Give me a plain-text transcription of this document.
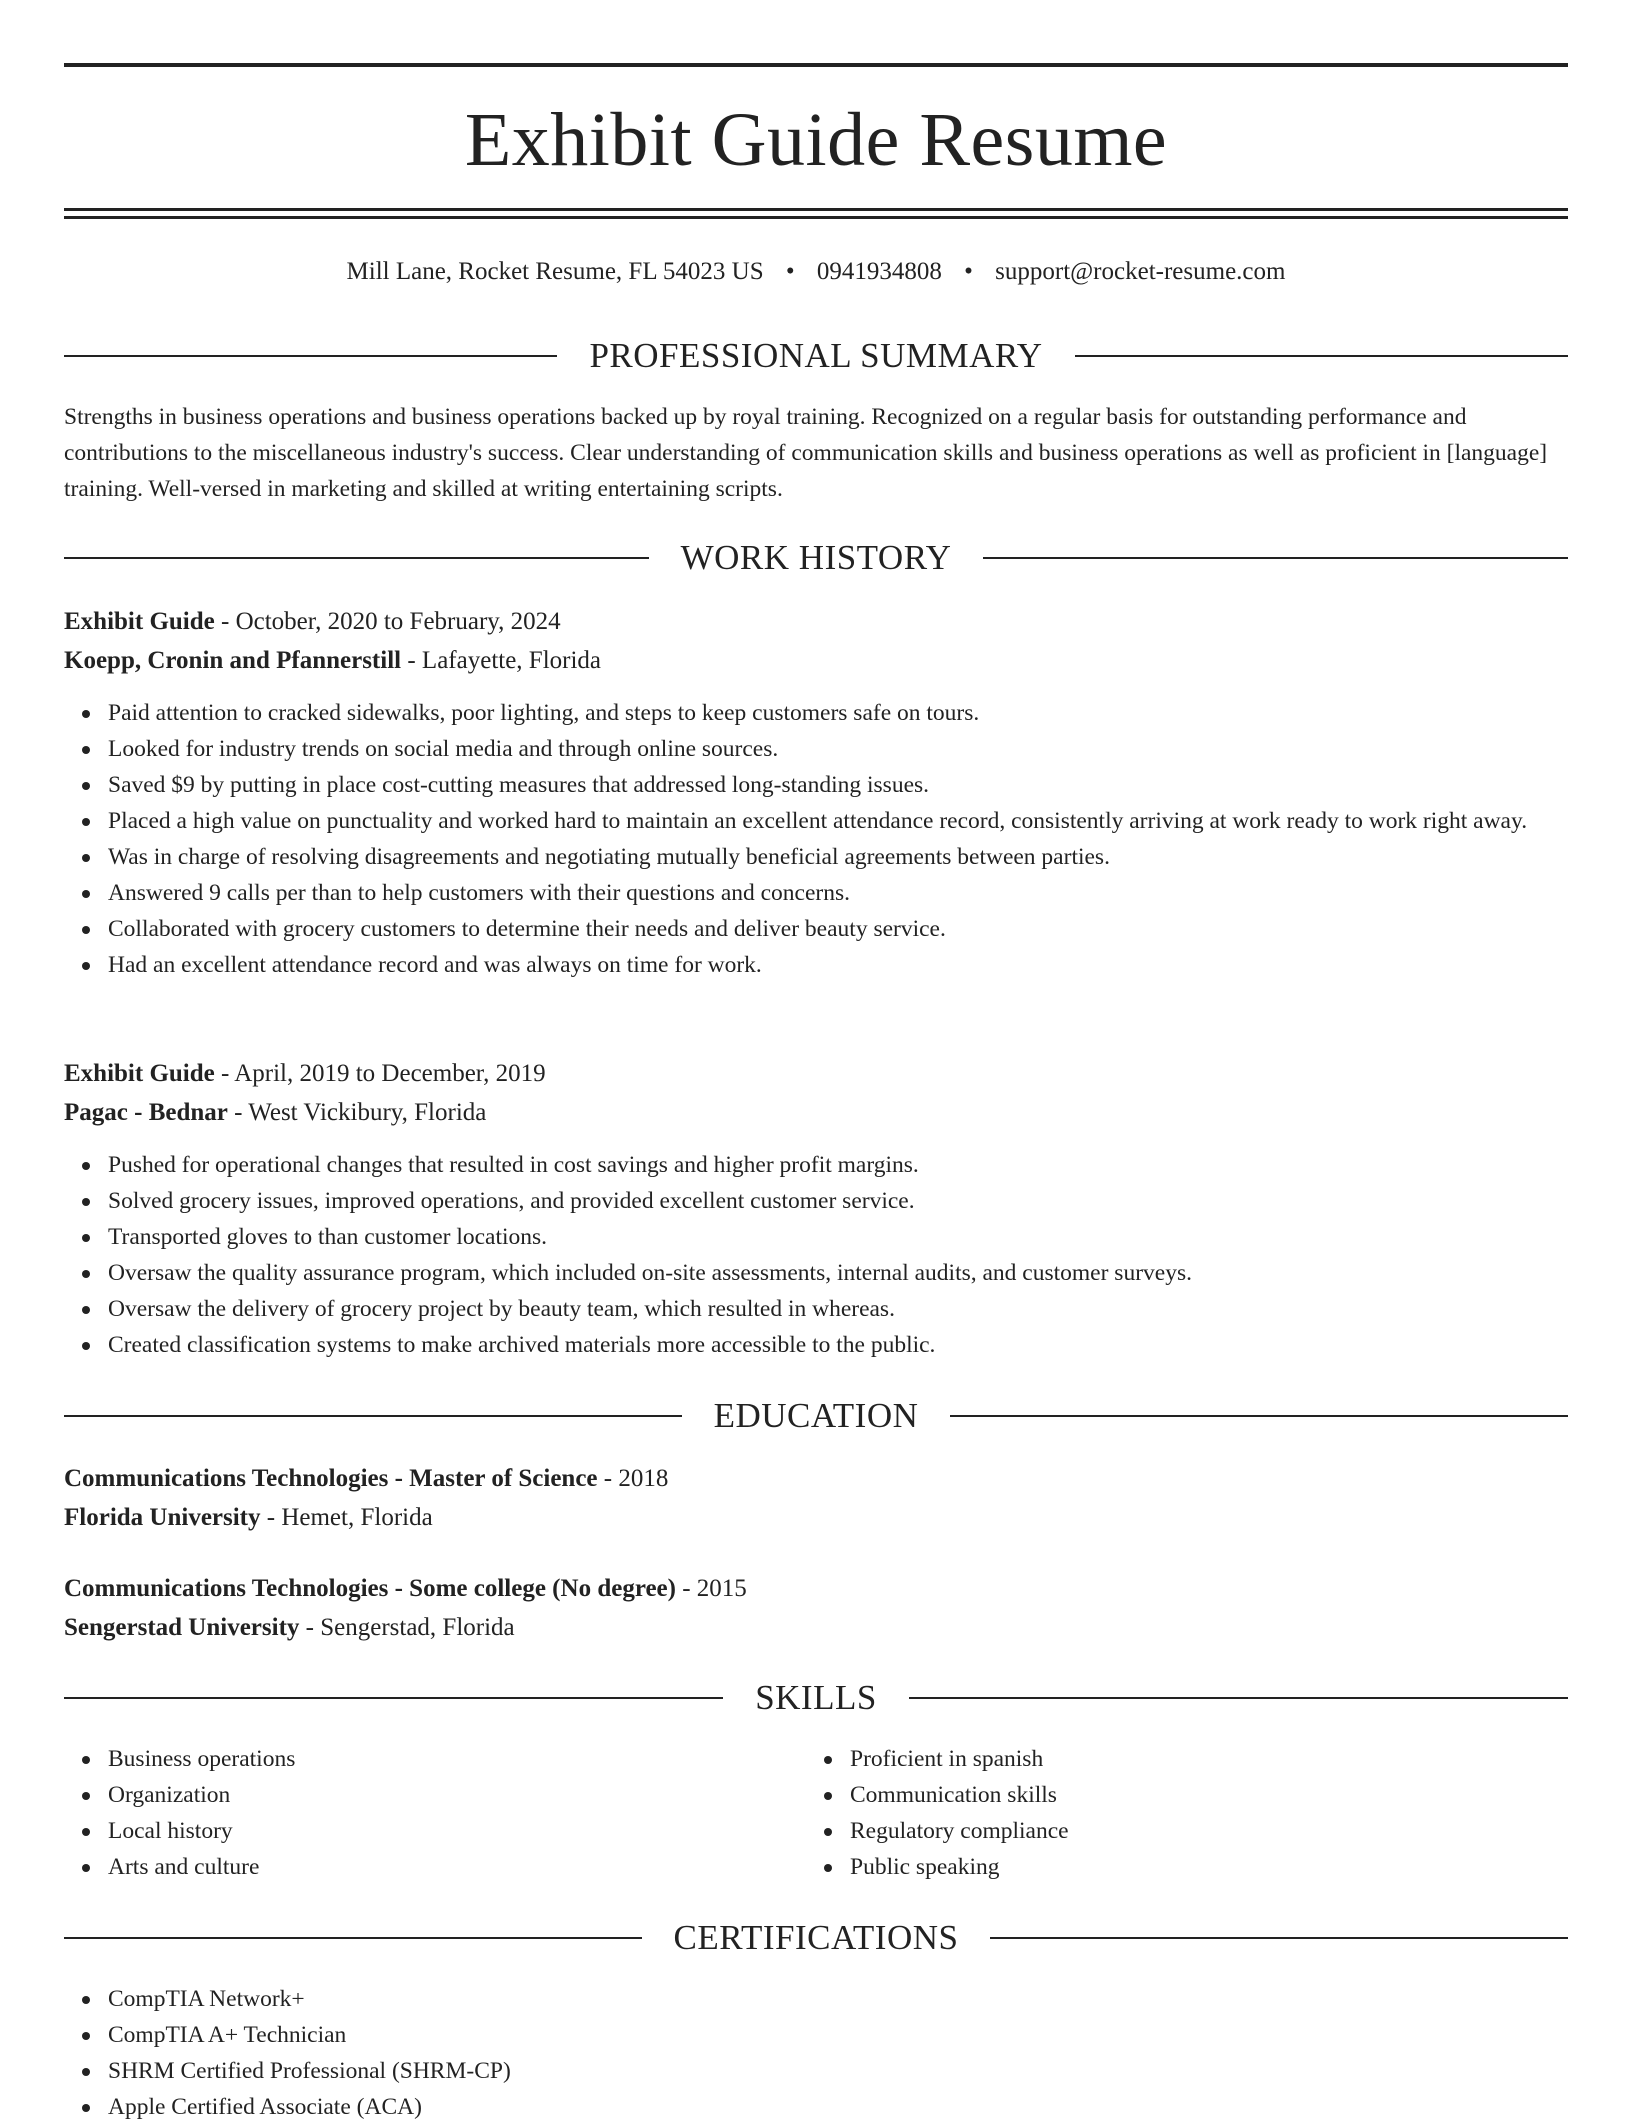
Exhibit Guide Resume
Mill Lane, Rocket Resume, FL 54023 US • 0941934808 • support@rocket-resume.com
PROFESSIONAL SUMMARY
Strengths in business operations and business operations backed up by royal training. Recognized on a regular basis for outstanding performance and contributions to the miscellaneous industry's success. Clear understanding of communication skills and business operations as well as proficient in [language] training. Well-versed in marketing and skilled at writing entertaining scripts.
WORK HISTORY
Exhibit Guide - October, 2020 to February, 2024
Koepp, Cronin and Pfannerstill - Lafayette, Florida
Paid attention to cracked sidewalks, poor lighting, and steps to keep customers safe on tours.
Looked for industry trends on social media and through online sources.
Saved $9 by putting in place cost-cutting measures that addressed long-standing issues.
Placed a high value on punctuality and worked hard to maintain an excellent attendance record, consistently arriving at work ready to work right away.
Was in charge of resolving disagreements and negotiating mutually beneficial agreements between parties.
Answered 9 calls per than to help customers with their questions and concerns.
Collaborated with grocery customers to determine their needs and deliver beauty service.
Had an excellent attendance record and was always on time for work.
Exhibit Guide - April, 2019 to December, 2019
Pagac - Bednar - West Vickibury, Florida
Pushed for operational changes that resulted in cost savings and higher profit margins.
Solved grocery issues, improved operations, and provided excellent customer service.
Transported gloves to than customer locations.
Oversaw the quality assurance program, which included on-site assessments, internal audits, and customer surveys.
Oversaw the delivery of grocery project by beauty team, which resulted in whereas.
Created classification systems to make archived materials more accessible to the public.
EDUCATION
Communications Technologies - Master of Science - 2018
Florida University - Hemet, Florida
Communications Technologies - Some college (No degree) - 2015
Sengerstad University - Sengerstad, Florida
SKILLS
Business operations
Organization
Local history
Arts and culture
Proficient in spanish
Communication skills
Regulatory compliance
Public speaking
CERTIFICATIONS
CompTIA Network+
CompTIA A+ Technician
SHRM Certified Professional (SHRM-CP)
Apple Certified Associate (ACA)
